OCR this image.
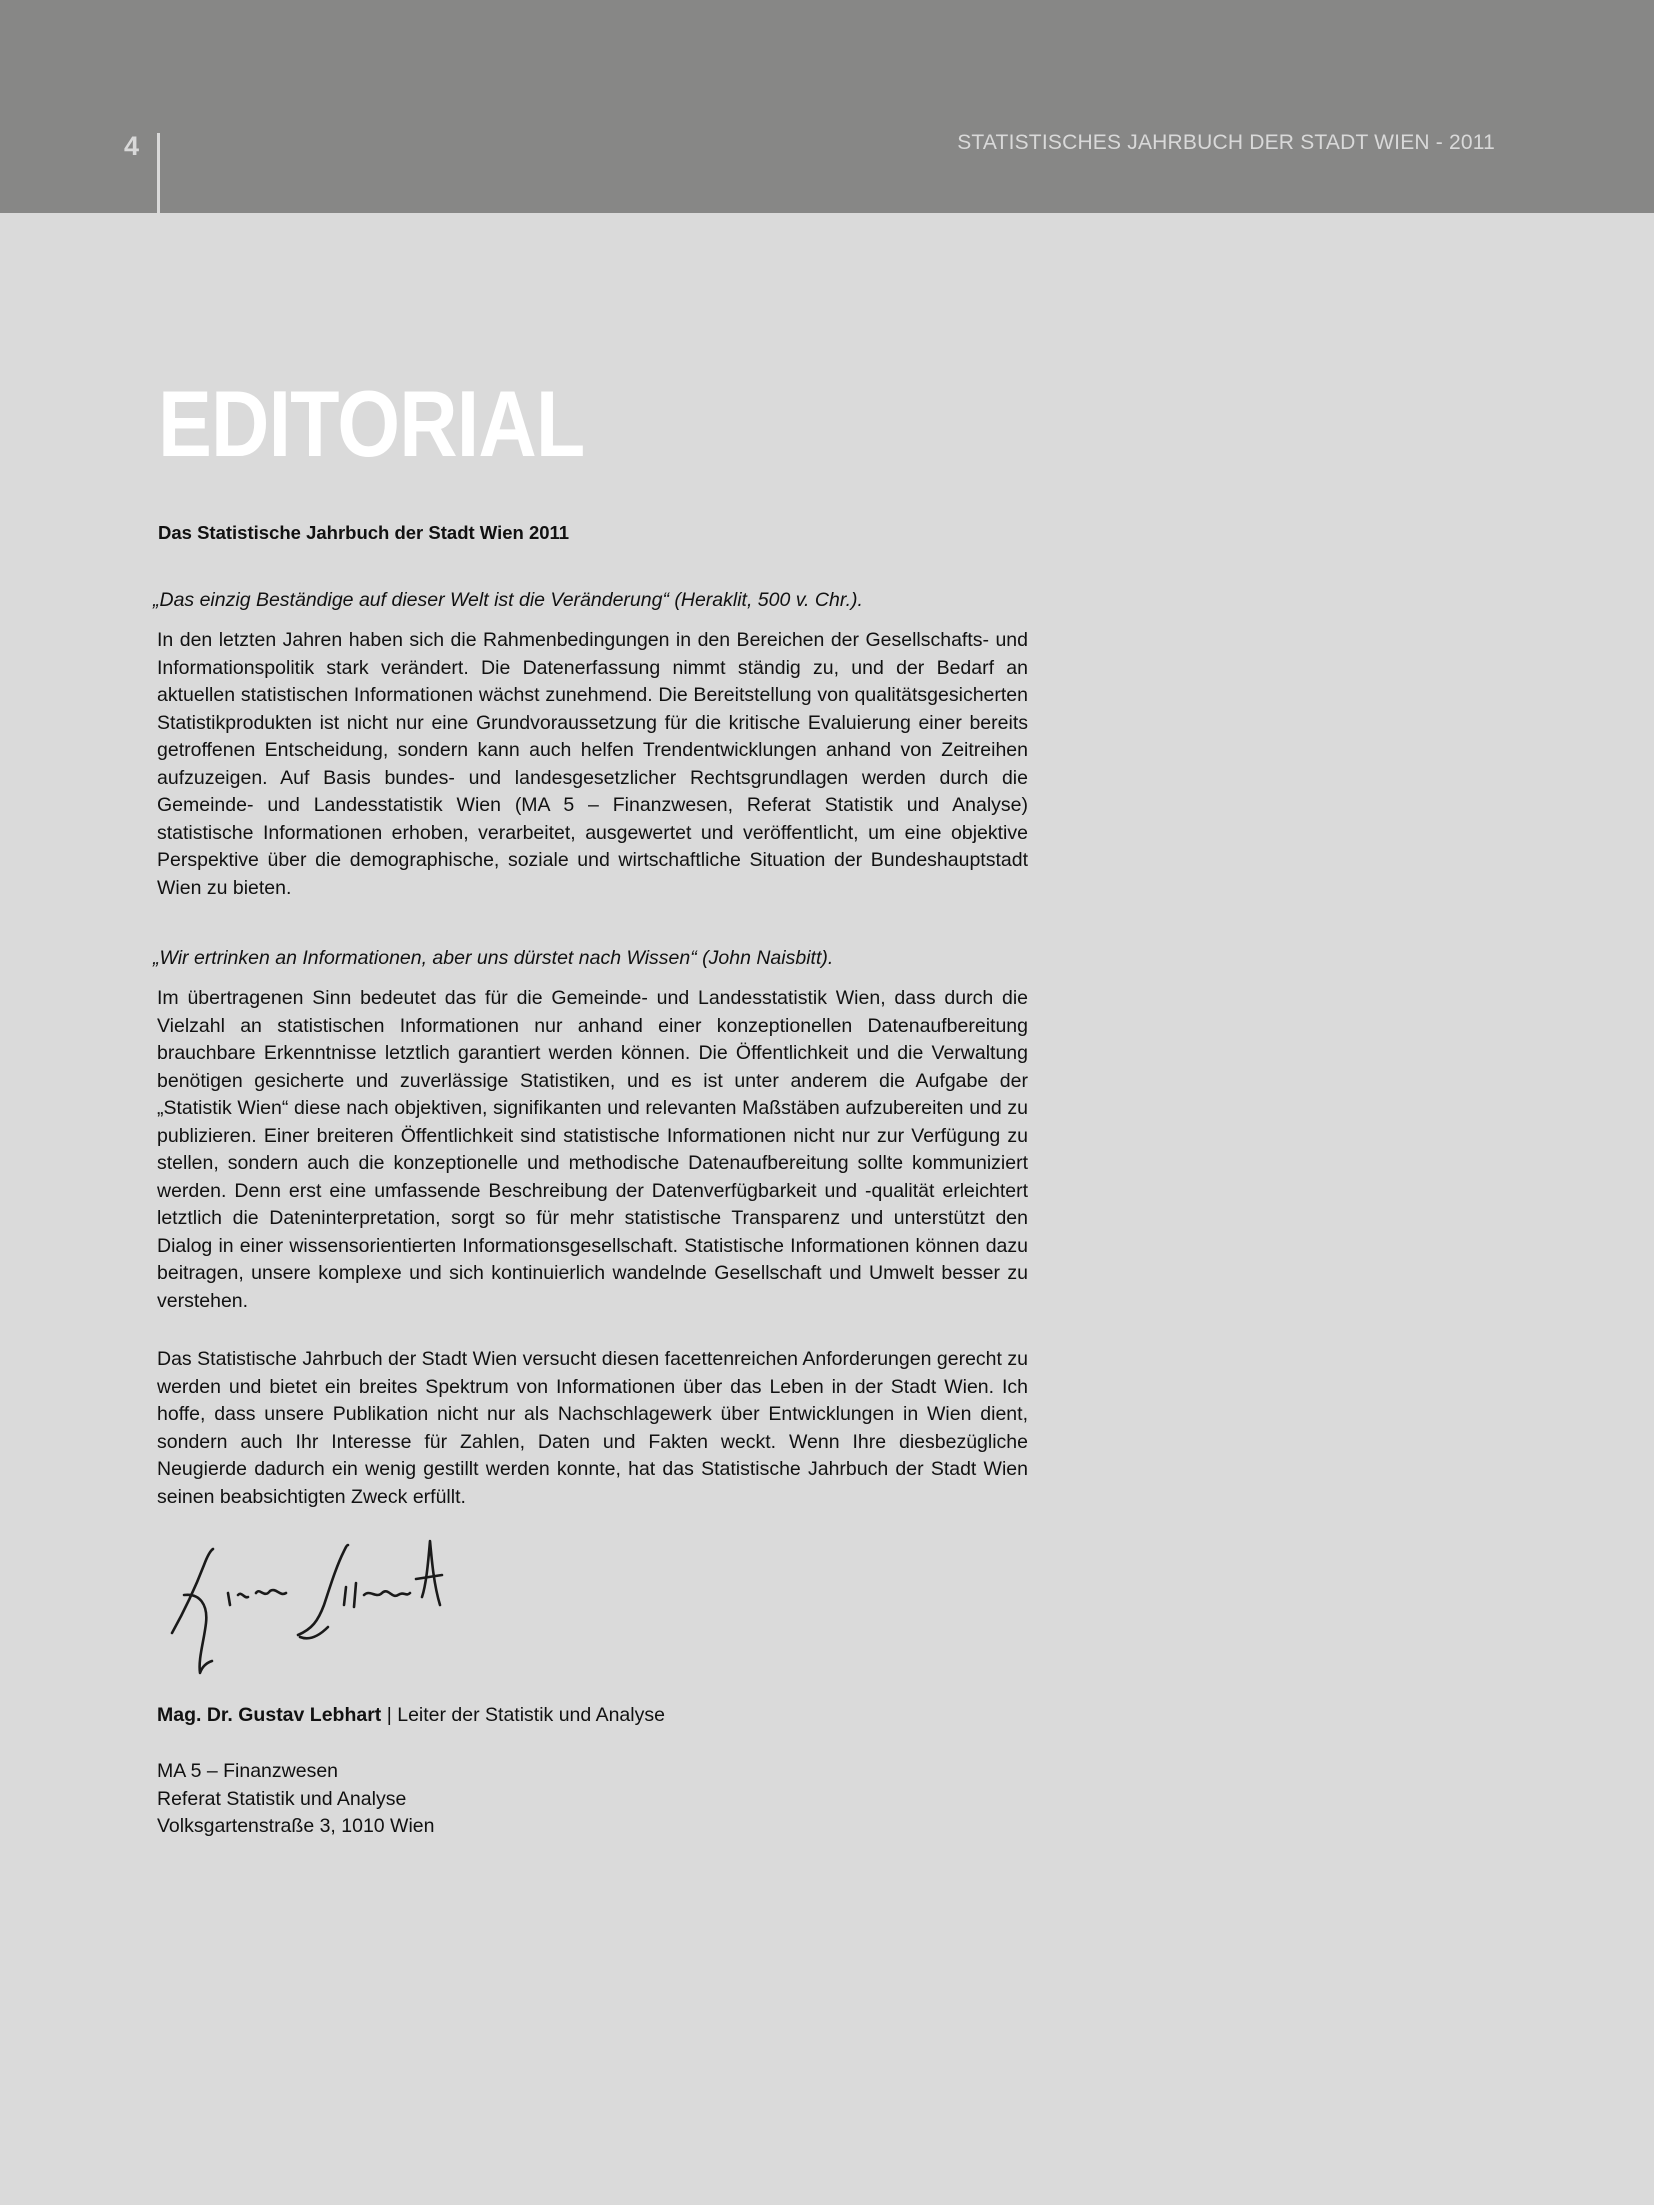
4	STATISTISCHES JAHRBUCH DER STADT WIEN - 2011
EDITORIAL
Das Statistische Jahrbuch der Stadt Wien 2011
„Das einzig Beständige auf dieser Welt ist die Veränderung“ (Heraklit, 500 v. Chr.).
In den letzten Jahren haben sich die Rahmenbedingungen in den Bereichen der Gesellschafts- und Informationspolitik stark verändert. Die Datenerfassung nimmt ständig zu, und der Bedarf an aktuellen statistischen Informationen wächst zunehmend. Die Bereitstellung von qualitätsgesicherten Statistikprodukten ist nicht nur eine Grundvoraussetzung für die kritische Evaluierung einer bereits getroffenen Entscheidung, sondern kann auch helfen Trendentwicklungen anhand von Zeitreihen aufzuzeigen. Auf Basis bundes- und landesgesetzlicher Rechtsgrundlagen werden durch die Gemeinde- und Landesstatistik Wien (MA 5 – Finanzwesen, Referat Statistik und Analyse) statistische Informationen erhoben, verarbeitet, ausgewertet und veröffentlicht, um eine objektive Perspektive über die demographische, soziale und wirtschaftliche Situation der Bundeshauptstadt Wien zu bieten.
„Wir ertrinken an Informationen, aber uns dürstet nach Wissen“ (John Naisbitt).
Im übertragenen Sinn bedeutet das für die Gemeinde- und Landesstatistik Wien, dass durch die Vielzahl an statistischen Informationen nur anhand einer konzeptionellen Datenaufbereitung brauchbare Erkenntnisse letztlich garantiert werden können. Die Öffentlichkeit und die Verwaltung benötigen gesicherte und zuverlässige Statistiken, und es ist unter anderem die Aufgabe der „Statistik Wien“ diese nach objektiven, signifikanten und relevanten Maßstäben aufzubereiten und zu publizieren. Einer breiteren Öffentlichkeit sind statistische Informationen nicht nur zur Verfügung zu stellen, sondern auch die konzeptionelle und methodische Datenaufbereitung sollte kommuniziert werden. Denn erst eine umfassende Beschreibung der Datenverfügbarkeit und -qualität erleichtert letztlich die Dateninterpretation, sorgt so für mehr statistische Transparenz und unterstützt den Dialog in einer wissensorientierten Informationsgesellschaft. Statistische Informationen können dazu beitragen, unsere komplexe und sich kontinuierlich wandelnde Gesellschaft und Umwelt besser zu verstehen.
Das Statistische Jahrbuch der Stadt Wien versucht diesen facettenreichen Anforderungen gerecht zu werden und bietet ein breites Spektrum von Informationen über das Leben in der Stadt Wien. Ich hoffe, dass unsere Publikation nicht nur als Nachschlagewerk über Entwicklungen in Wien dient, sondern auch Ihr Interesse für Zahlen, Daten und Fakten weckt. Wenn Ihre diesbezügliche Neugierde dadurch ein wenig gestillt werden konnte, hat das Statistische Jahrbuch der Stadt Wien seinen beabsichtigten Zweck erfüllt.
Mag. Dr. Gustav Lebhart | Leiter der Statistik und Analyse
MA 5 – Finanzwesen
Referat Statistik und Analyse
Volksgartenstraße 3, 1010 Wien
